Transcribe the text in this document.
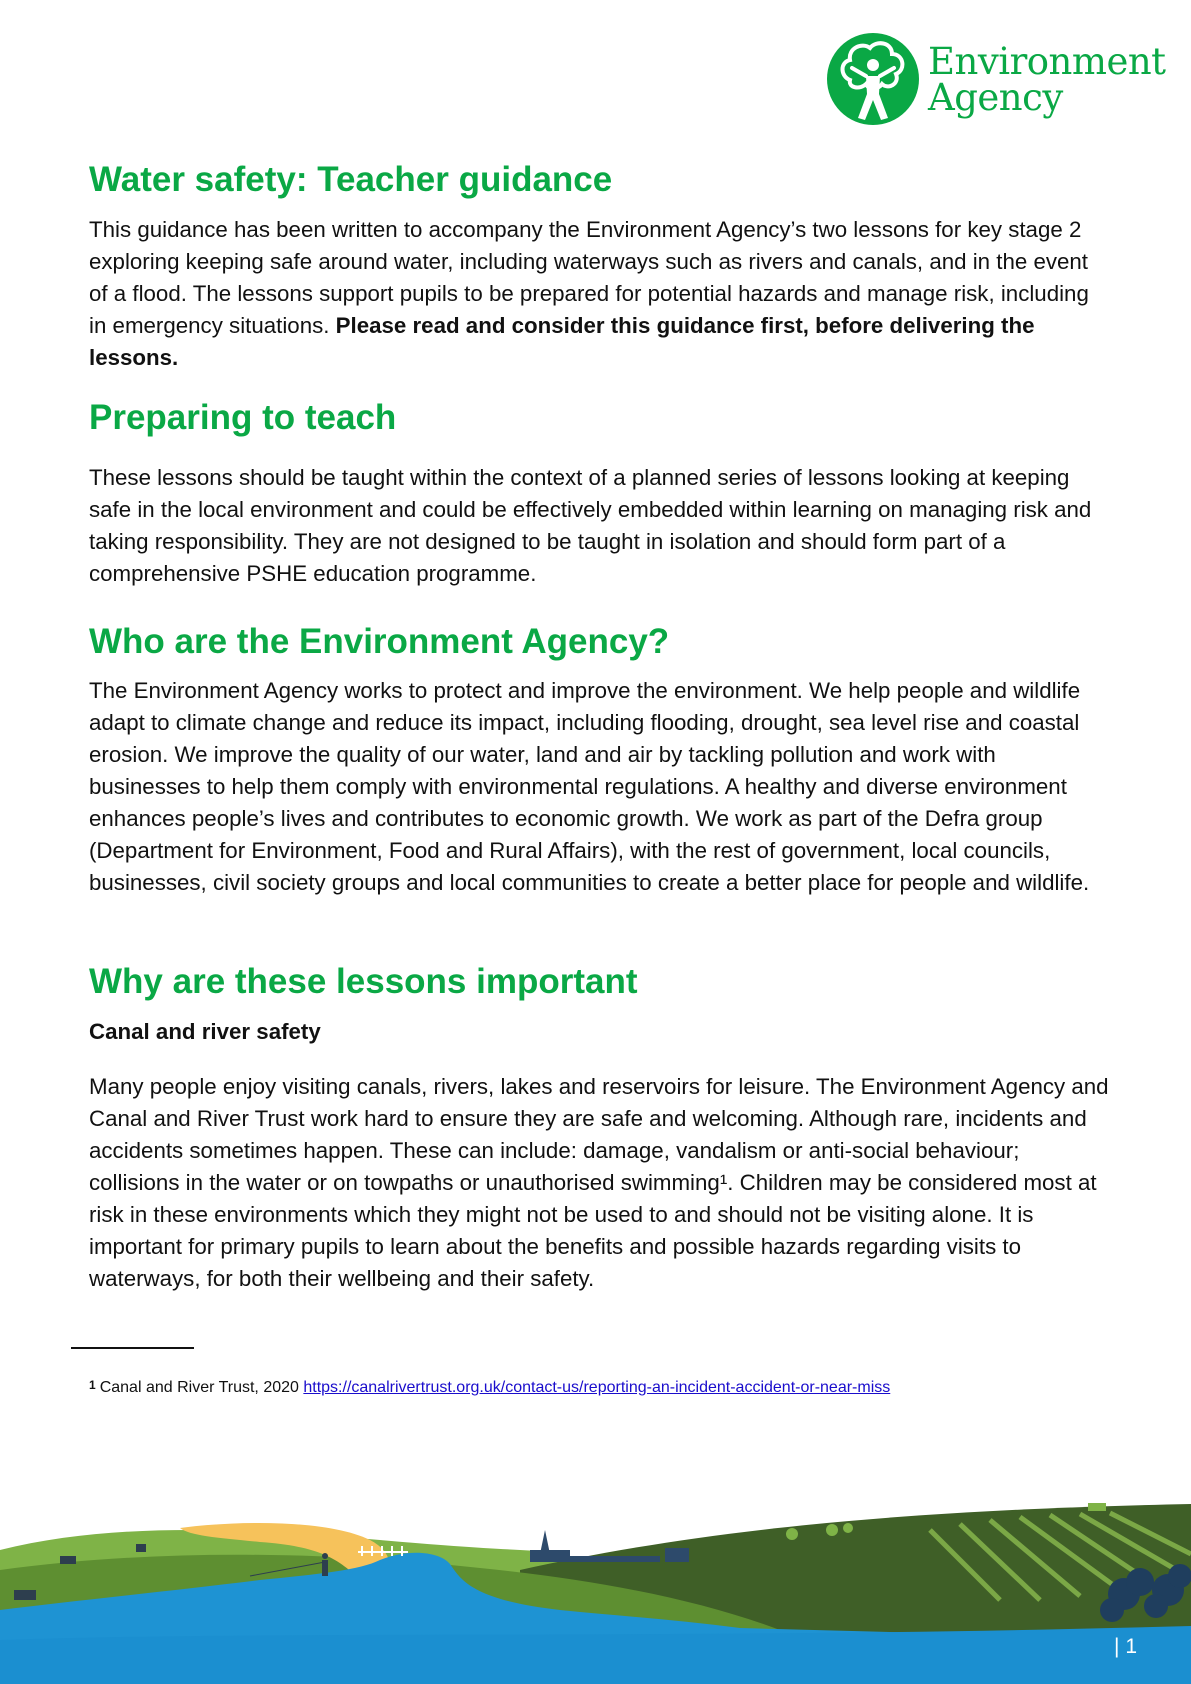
Environment
Agency
Water safety: Teacher guidance

This guidance has been written to accompany the Environment Agency’s two lessons for key stage 2 exploring keeping safe around water, including waterways such as rivers and canals, and in the event of a flood. The lessons support pupils to be prepared for potential hazards and manage risk, including in emergency situations. Please read and consider this guidance first, before delivering the lessons.

Preparing to teach

These lessons should be taught within the context of a planned series of lessons looking at keeping safe in the local environment and could be effectively embedded within learning on managing risk and taking responsibility. They are not designed to be taught in isolation and should form part of a comprehensive PSHE education programme.

Who are the Environment Agency?

The Environment Agency works to protect and improve the environment. We help people and wildlife adapt to climate change and reduce its impact, including flooding, drought, sea level rise and coastal erosion. We improve the quality of our water, land and air by tackling pollution and work with businesses to help them comply with environmental regulations. A healthy and diverse environment enhances people’s lives and contributes to economic growth. We work as part of the Defra group (Department for Environment, Food and Rural Affairs), with the rest of government, local councils, businesses, civil society groups and local communities to create a better place for people and wildlife.

Why are these lessons important

Canal and river safety

Many people enjoy visiting canals, rivers, lakes and reservoirs for leisure. The Environment Agency and Canal and River Trust work hard to ensure they are safe and welcoming. Although rare, incidents and accidents sometimes happen. These can include: damage, vandalism or anti-social behaviour; collisions in the water or on towpaths or unauthorised swimming¹. Children may be considered most at risk in these environments which they might not be used to and should not be visiting alone. It is important for primary pupils to learn about the benefits and possible hazards regarding visits to waterways, for both their wellbeing and their safety.

$^1$ Canal and River Trust, 2020 https://canalrivertrust.org.uk/contact-us/reporting-an-incident-accident-or-near-miss
| 1
